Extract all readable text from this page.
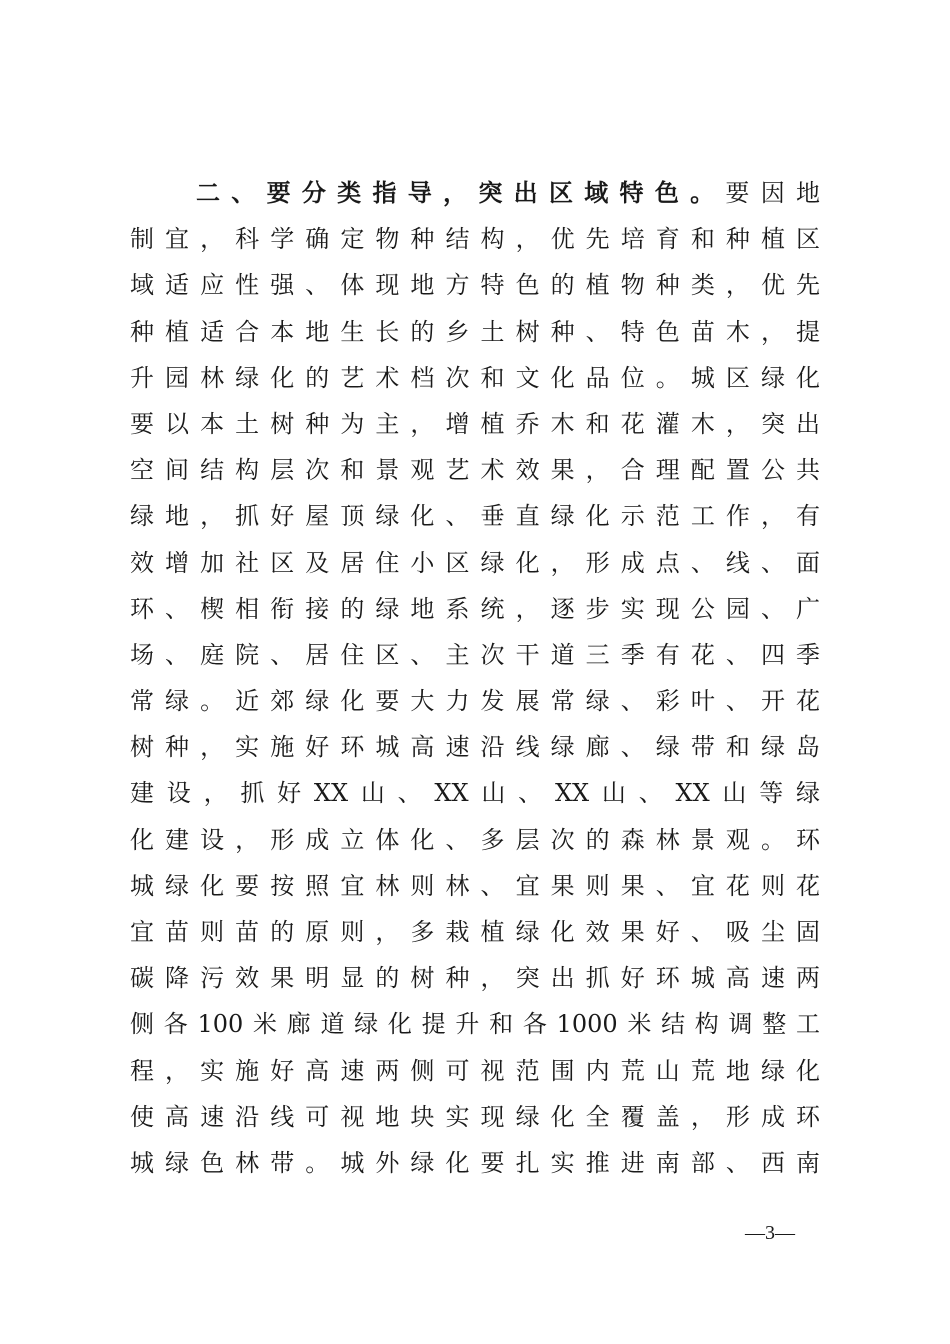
二、要分类指导，突出区域特色。要因地
制宜，科学确定物种结构，优先培育和种植区
域适应性强、体现地方特色的植物种类，优先
种植适合本地生长的乡土树种、特色苗木，提
升园林绿化的艺术档次和文化品位。城区绿化
要以本土树种为主，增植乔木和花灌木，突出
空间结构层次和景观艺术效果，合理配置公共
绿地，抓好屋顶绿化、垂直绿化示范工作，有
效增加社区及居住小区绿化，形成点、线、面
环、楔相衔接的绿地系统，逐步实现公园、广
场、庭院、居住区、主次干道三季有花、四季
常绿。近郊绿化要大力发展常绿、彩叶、开花
树种，实施好环城高速沿线绿廊、绿带和绿岛
建设，抓好XX山、XX山、XX山、XX山等绿
化建设，形成立体化、多层次的森林景观。环
城绿化要按照宜林则林、宜果则果、宜花则花
宜苗则苗的原则，多栽植绿化效果好、吸尘固
碳降污效果明显的树种，突出抓好环城高速两
侧各100米廊道绿化提升和各1000米结构调整工
程，实施好高速两侧可视范围内荒山荒地绿化
使高速沿线可视地块实现绿化全覆盖，形成环
城绿色林带。城外绿化要扎实推进南部、西南
—3—
